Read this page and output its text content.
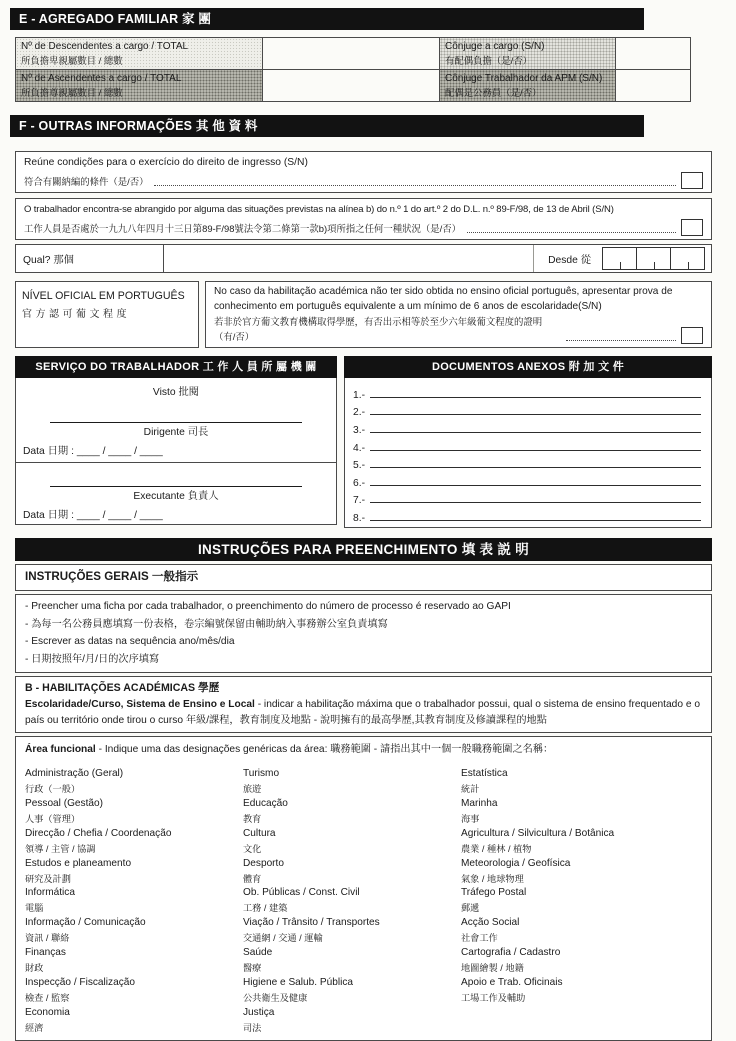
E - AGREGADO FAMILIAR 家 團
Nº de Descendentes a cargo / TOTAL
所負擔卑親屬數目 / 總數
Cônjuge a cargo (S/N)
有配偶負擔（是/否）
Nº de Ascendentes a cargo / TOTAL
所負擔尊親屬數目 / 總數
Cônjuge Trabalhador da APM (S/N)
配偶是公務員（是/否）
F - OUTRAS INFORMAÇÕES 其 他 資 料
Reúne condições para o exercício do direito de ingresso (S/N)
符合有關納編的條件（是/否）
O trabalhador encontra-se abrangido por alguma das situações previstas na alínea b) do n.º 1 do art.º 2 do D.L. n.º 89-F/98, de 13 de Abril (S/N)
工作人員是否處於一九九八年四月十三日第89-F/98號法令第二條第一款b)項所指之任何一種狀況（是/否）
Qual? 那個	Desde 從
NÍVEL OFICIAL EM PORTUGUÊS
官方認可葡文程度
No caso da habilitação académica não ter sido obtida no ensino oficial português, apresentar prova de conhecimento em português equivalente a um mínimo de 6 anos de escolaridade(S/N)
若非於官方葡文教育機構取得學歷，有否出示相等於至少六年級葡文程度的證明（有/否）
SERVIÇO DO TRABALHADOR 工 作 人 員 所 屬 機 關
Visto 批閱
Dirigente 司長
Data 日期 : ____ / ____ / ____
Executante 負責人
Data 日期 : ____ / ____ / ____
DOCUMENTOS ANEXOS 附 加 文 件
1.-
2.-
3.-
4.-
5.-
6.-
7.-
8.-
INSTRUÇÕES PARA PREENCHIMENTO 填 表 説 明
INSTRUÇÕES GERAIS 一般指示
- Preencher uma ficha por cada trabalhador, o preenchimento do número de processo é reservado ao GAPI
- 為每一名公務員應填寫一份表格，卷宗編號保留由輔助納入事務辦公室負責填寫
- Escrever as datas na sequência ano/mês/dia
- 日期按照年/月/日的次序填寫
B - HABILITAÇÕES ACADÉMICAS 學歷
Escolaridade/Curso, Sistema de Ensino e Local - indicar a habilitação máxima que o trabalhador possui, qual o sistema de ensino frequentado e o país ou território onde tirou o curso 年級/課程，教育制度及地點 - 說明擁有的最高學歷,其教育制度及修讀課程的地點
Área funcional - Indique uma das designações genéricas da área: 職務範圍 - 請指出其中一個一般職務範圍之名稱：
Administração (Geral)
行政（一般）
Pessoal (Gestão)
人事（管理）
Direcção / Chefia / Coordenação
領導 / 主管 / 協調
Estudos e planeamento
研究及計劃
Informática
電腦
Informação / Comunicação
資訊 / 聯絡
Finanças
財政
Inspecção / Fiscalização
檢查 / 監察
Economia
經濟
Turismo
旅遊
Educação
教育
Cultura
文化
Desporto
體育
Ob. Públicas / Const. Civil
工務 / 建築
Viação / Trânsito / Transportes
交通網 / 交通 / 運輸
Saúde
醫療
Higiene e Salub. Pública
公共衛生及健康
Justiça
司法
Estatística
統計
Marinha
海事
Agricultura / Silvicultura / Botânica
農業 / 種林 / 植物
Meteorologia / Geofísica
氣象 / 地球物理
Tráfego Postal
郵遞
Acção Social
社會工作
Cartografia / Cadastro
地圖繪製 / 地籍
Apoio e Trab. Oficinais
工場工作及輔助
